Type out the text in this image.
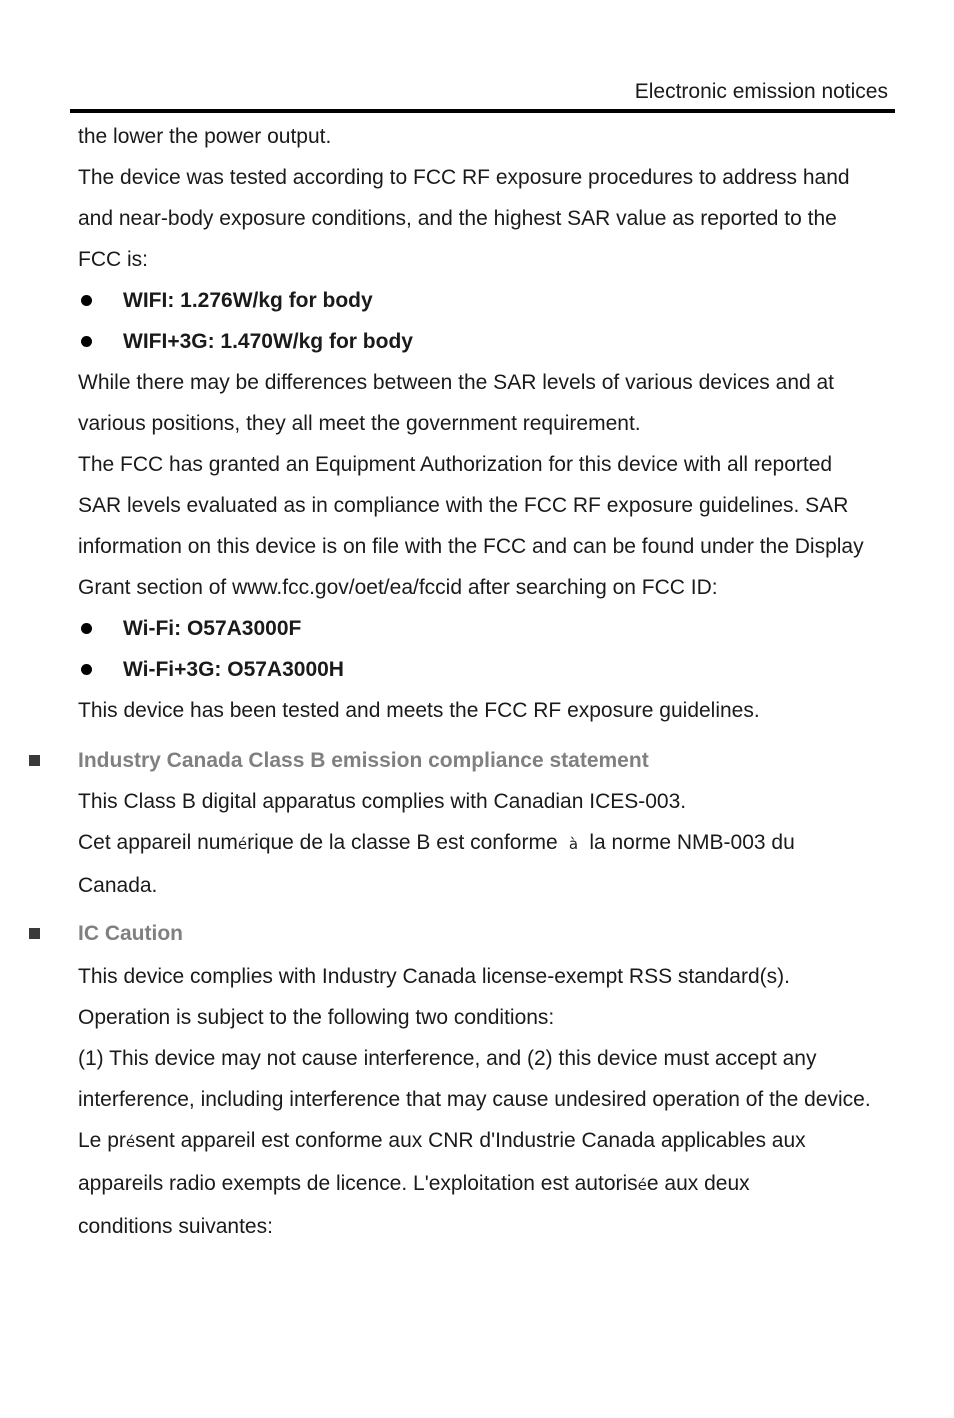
Electronic emission notices

the lower the power output.

The device was tested according to FCC RF exposure procedures to address hand and near-body exposure conditions, and the highest SAR value as reported to the FCC is:

WIFI: 1.276W/kg for body
WIFI+3G: 1.470W/kg for body

While there may be differences between the SAR levels of various devices and at various positions, they all meet the government requirement.

The FCC has granted an Equipment Authorization for this device with all reported SAR levels evaluated as in compliance with the FCC RF exposure guidelines. SAR information on this device is on file with the FCC and can be found under the Display Grant section of www.fcc.gov/oet/ea/fccid after searching on FCC ID:

Wi-Fi: O57A3000F
Wi-Fi+3G: O57A3000H

This device has been tested and meets the FCC RF exposure guidelines.

Industry Canada Class B emission compliance statement

This Class B digital apparatus complies with Canadian ICES-003.

Cet appareil numérique de la classe B est conforme à la norme NMB-003 du

Canada.

IC Caution

This device complies with Industry Canada license-exempt RSS standard(s).

Operation is subject to the following two conditions:

(1) This device may not cause interference, and (2) this device must accept any interference, including interference that may cause undesired operation of the device.

Le présent appareil est conforme aux CNR d'Industrie Canada applicables aux

appareils radio exempts de licence. L'exploitation est autorisée aux deux

conditions suivantes:
